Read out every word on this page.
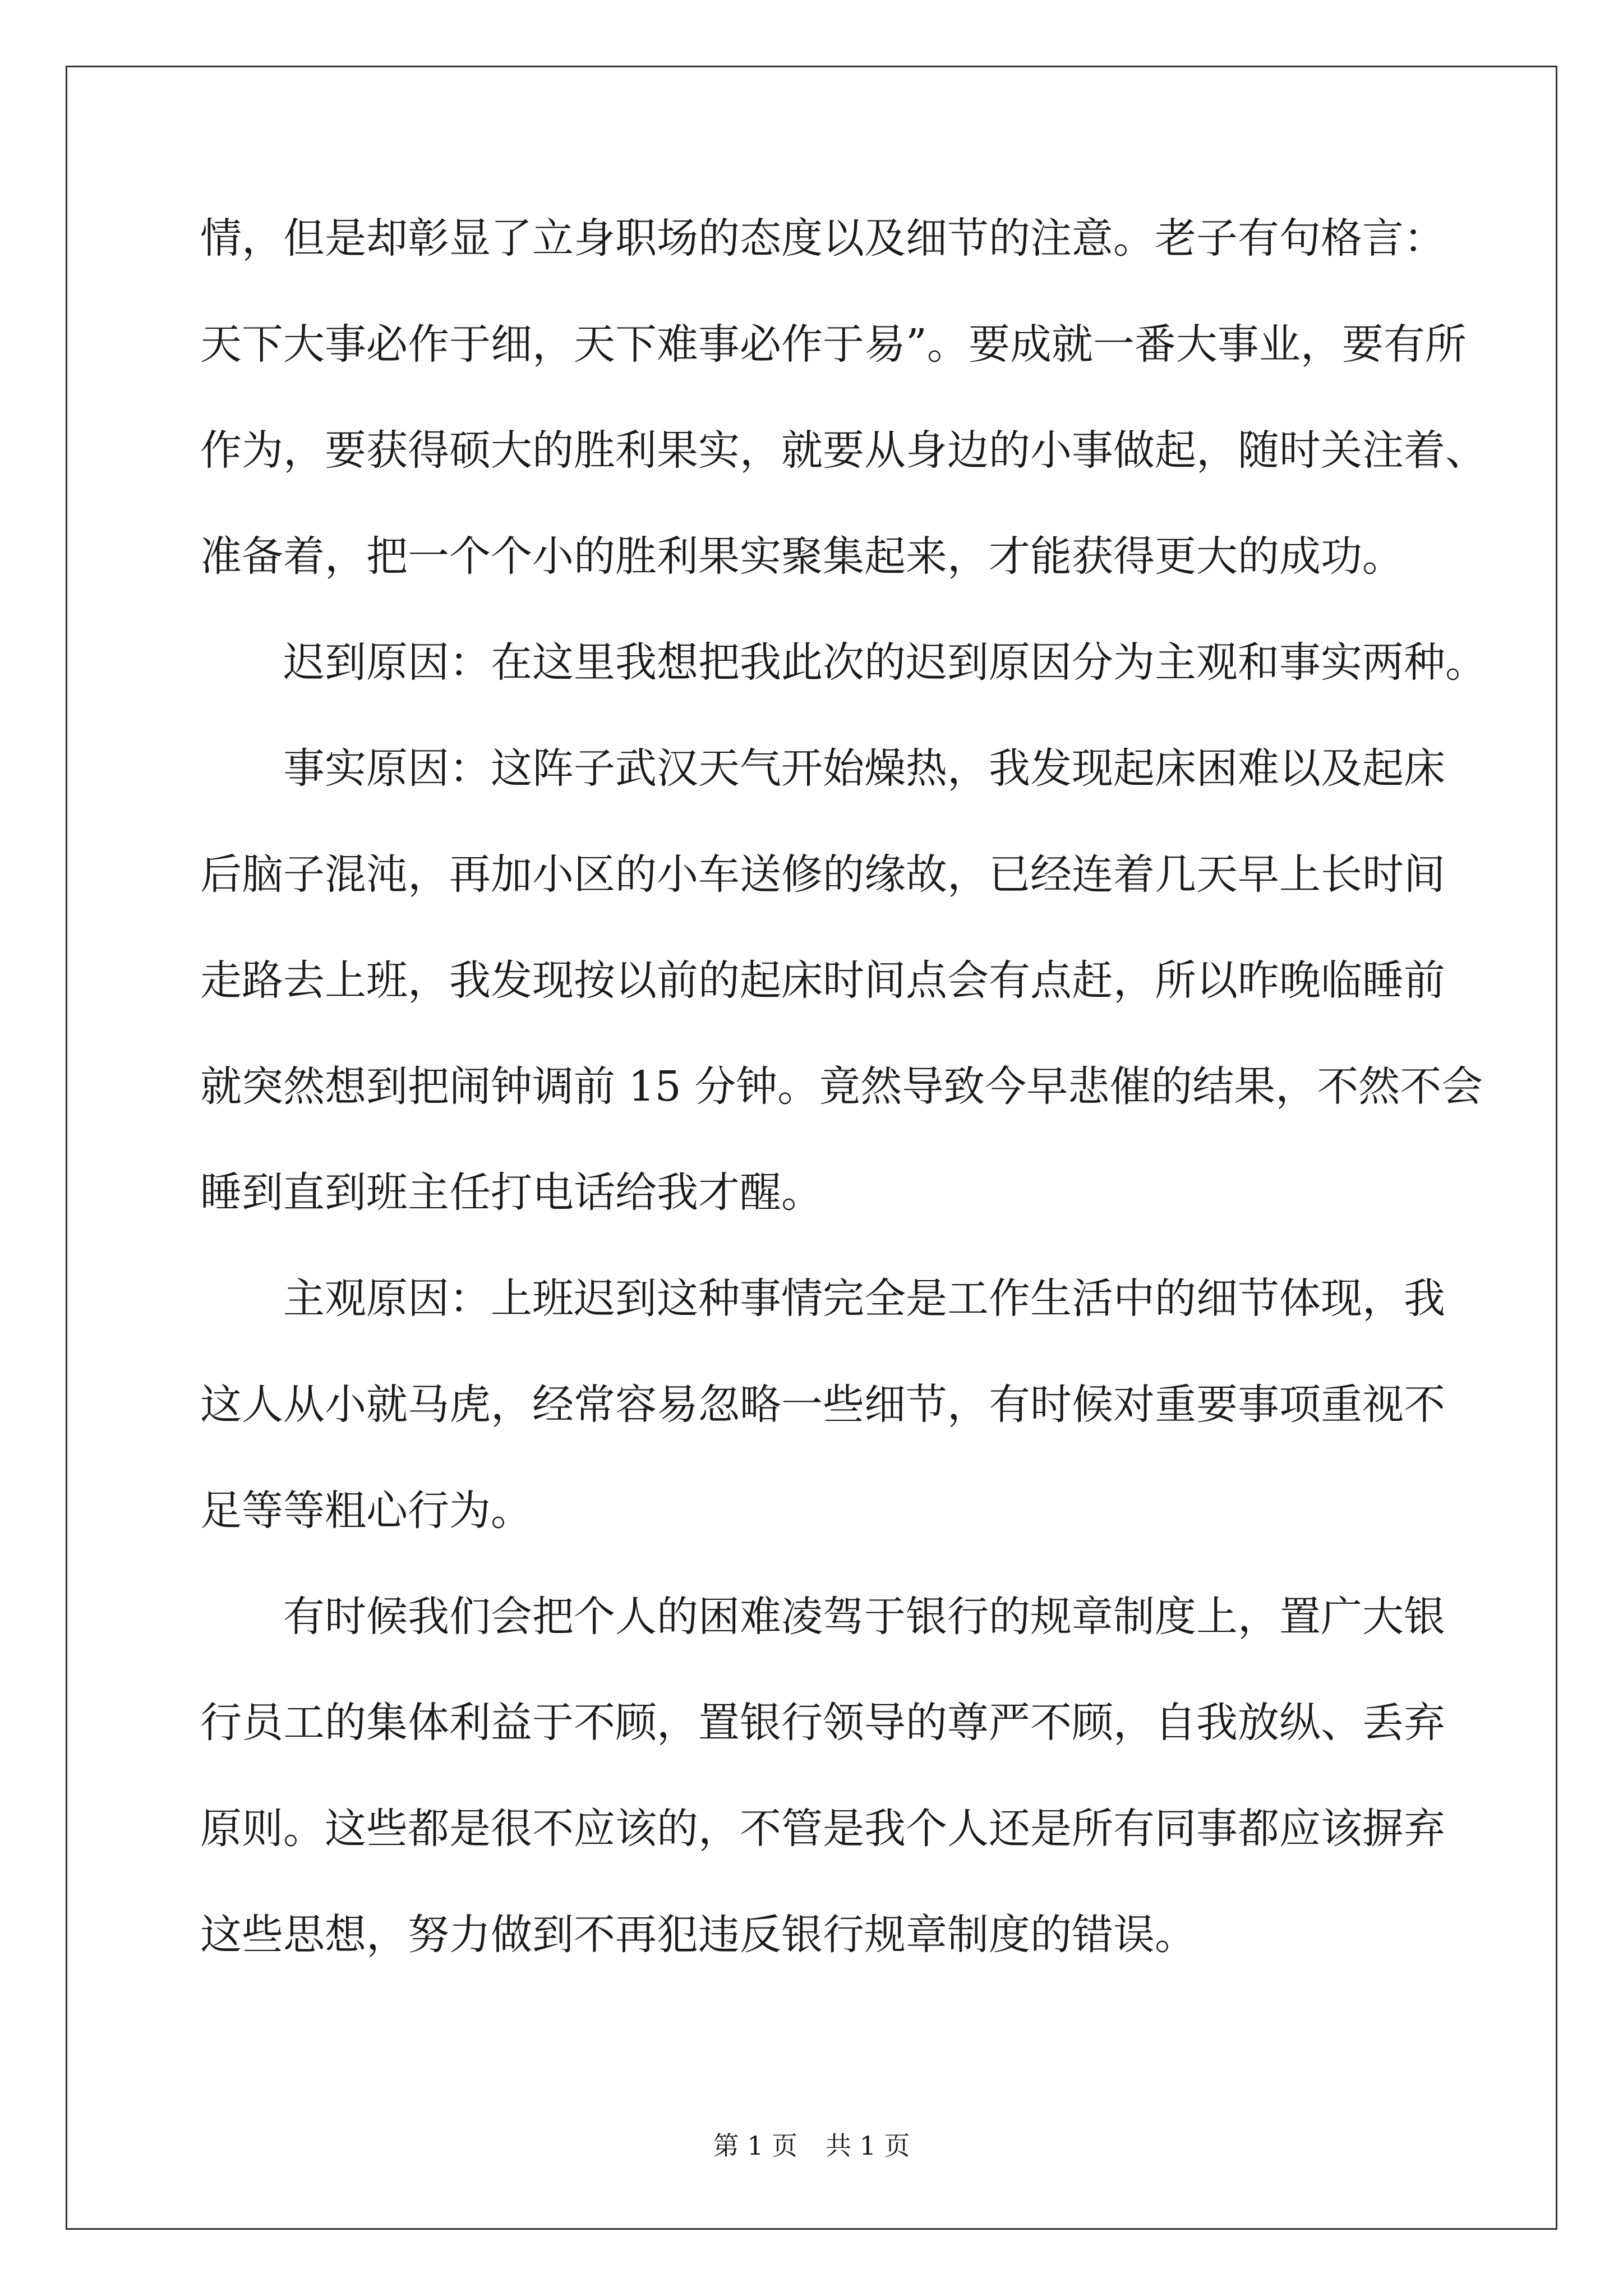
情，但是却彰显了立身职场的态度以及细节的注意。老子有句格言：
天下大事必作于细，天下难事必作于易”。要成就一番大事业，要有所
作为，要获得硕大的胜利果实，就要从身边的小事做起，随时关注着、
准备着，把一个个小的胜利果实聚集起来，才能获得更大的成功。
迟到原因：在这里我想把我此次的迟到原因分为主观和事实两种。
事实原因：这阵子武汉天气开始燥热，我发现起床困难以及起床
后脑子混沌，再加小区的小车送修的缘故，已经连着几天早上长时间
走路去上班，我发现按以前的起床时间点会有点赶，所以昨晚临睡前
就突然想到把闹钟调前 15 分钟。竟然导致今早悲催的结果，不然不会
睡到直到班主任打电话给我才醒。
主观原因：上班迟到这种事情完全是工作生活中的细节体现，我
这人从小就马虎，经常容易忽略一些细节，有时候对重要事项重视不
足等等粗心行为。
有时候我们会把个人的困难凌驾于银行的规章制度上，置广大银
行员工的集体利益于不顾，置银行领导的尊严不顾，自我放纵、丢弃
原则。这些都是很不应该的，不管是我个人还是所有同事都应该摒弃
这些思想，努力做到不再犯违反银行规章制度的错误。
第 1 页 共 1 页
